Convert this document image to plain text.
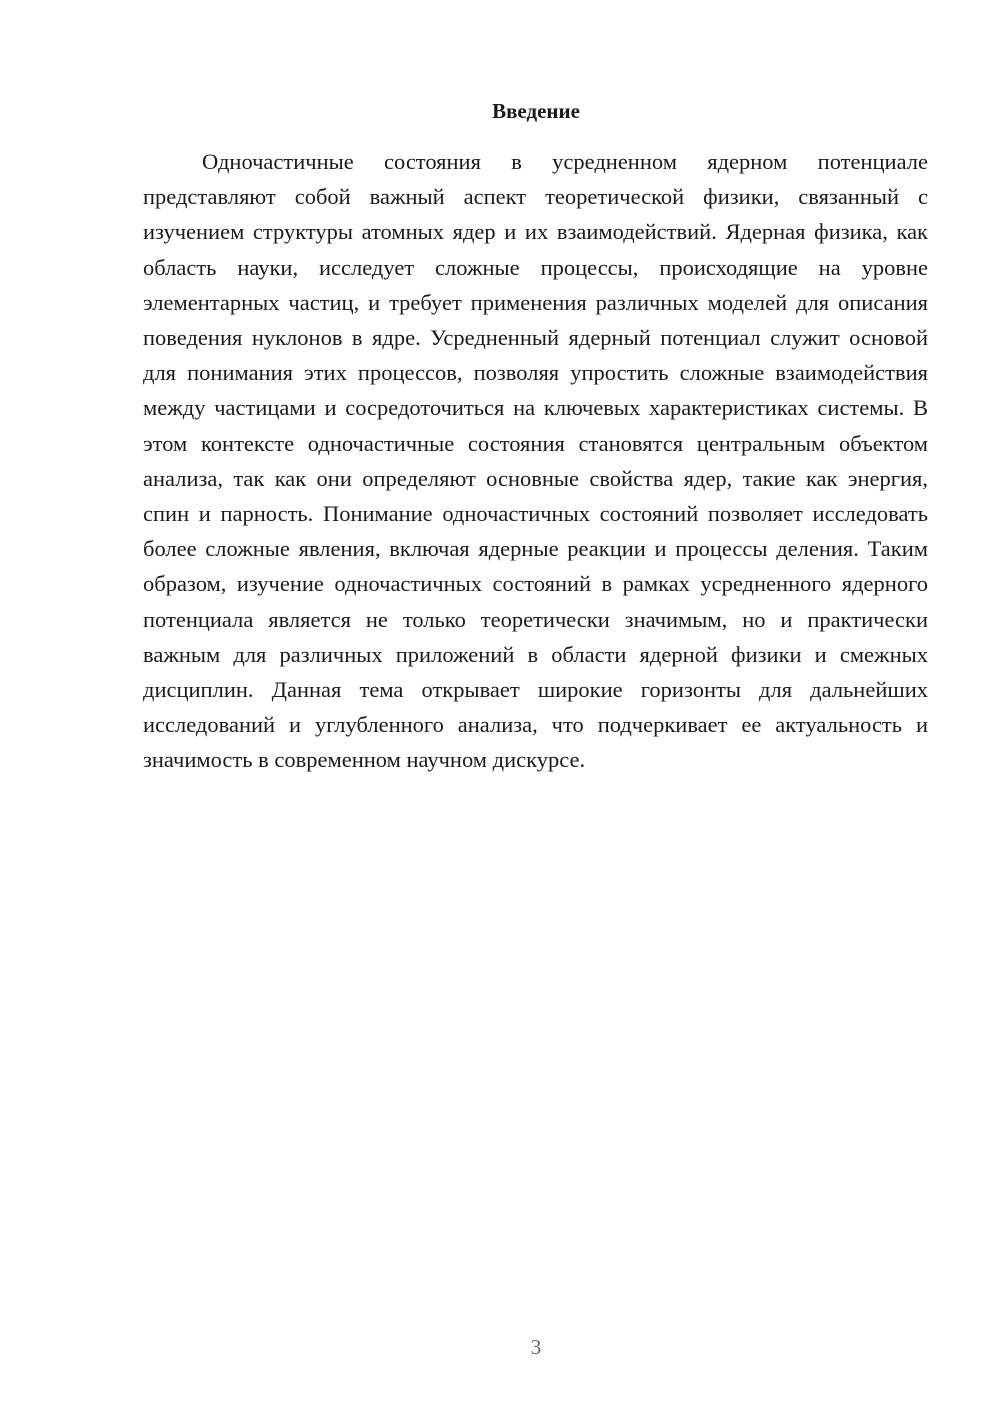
Введение

Одночастичные состояния в усредненном ядерном потенциале представляют собой важный аспект теоретической физики, связанный с изучением структуры атомных ядер и их взаимодействий. Ядерная физика, как область науки, исследует сложные процессы, происходящие на уровне элементарных частиц, и требует применения различных моделей для описания поведения нуклонов в ядре. Усредненный ядерный потенциал служит основой для понимания этих процессов, позволяя упростить сложные взаимодействия между частицами и сосредоточиться на ключевых характеристиках системы. В этом контексте одночастичные состояния становятся центральным объектом анализа, так как они определяют основные свойства ядер, такие как энергия, спин и парность. Понимание одночастичных состояний позволяет исследовать более сложные явления, включая ядерные реакции и процессы деления. Таким образом, изучение одночастичных состояний в рамках усредненного ядерного потенциала является не только теоретически значимым, но и практически важным для различных приложений в области ядерной физики и смежных дисциплин. Данная тема открывает широкие горизонты для дальнейших исследований и углубленного анализа, что подчеркивает ее актуальность и значимость в современном научном дискурсе.

3
